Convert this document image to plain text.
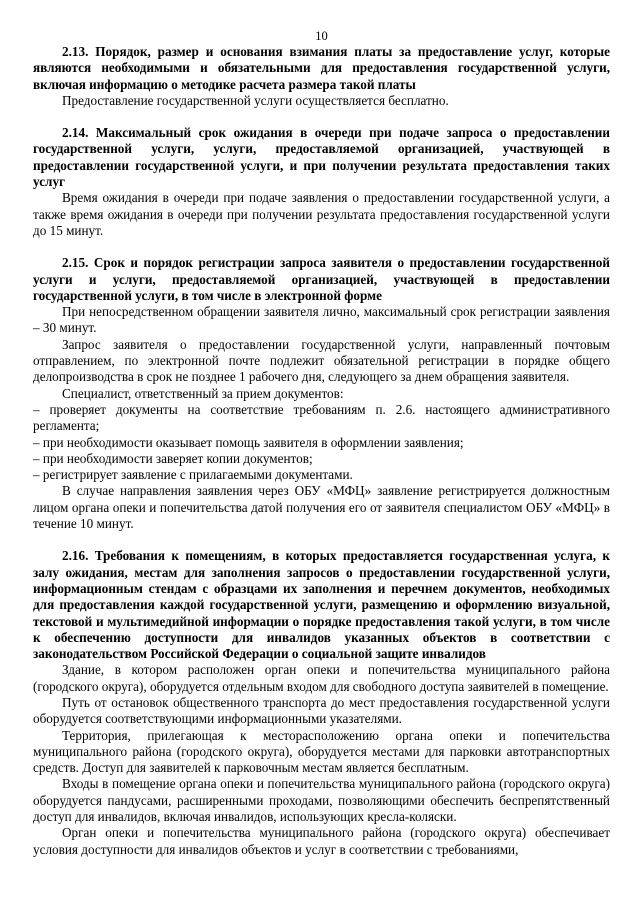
10

2.13. Порядок, размер и основания взимания платы за предоставление услуг, которые являются необходимыми и обязательными для предоставления государственной услуги, включая информацию о методике расчета размера такой платы

Предоставление государственной услуги осуществляется бесплатно.

2.14. Максимальный срок ожидания в очереди при подаче запроса о предоставлении государственной услуги, услуги, предоставляемой организацией, участвующей в предоставлении государственной услуги, и при получении результата предоставления таких услуг

Время ожидания в очереди при подаче заявления о предоставлении государственной услуги, а также время ожидания в очереди при получении результата предоставления государственной услуги до 15 минут.

2.15. Срок и порядок регистрации запроса заявителя о предоставлении государственной услуги и услуги, предоставляемой организацией, участвующей в предоставлении государственной услуги, в том числе в электронной форме

При непосредственном обращении заявителя лично, максимальный срок регистрации заявления – 30 минут.

Запрос заявителя о предоставлении государственной услуги, направленный почтовым отправлением, по электронной почте подлежит обязательной регистрации в порядке общего делопроизводства в срок не позднее 1 рабочего дня, следующего за днем обращения заявителя.

Специалист, ответственный за прием документов:

– проверяет документы на соответствие требованиям п. 2.6. настоящего административного регламента;

– при необходимости оказывает помощь заявителя в оформлении заявления;

– при необходимости заверяет копии документов;

– регистрирует заявление с прилагаемыми документами.

В случае направления заявления через ОБУ «МФЦ» заявление регистрируется должностным лицом органа опеки и попечительства датой получения его от заявителя специалистом ОБУ «МФЦ» в течение 10 минут.

2.16. Требования к помещениям, в которых предоставляется государственная услуга, к залу ожидания, местам для заполнения запросов о предоставлении государственной услуги, информационным стендам с образцами их заполнения и перечнем документов, необходимых для предоставления каждой государственной услуги, размещению и оформлению визуальной, текстовой и мультимедийной информации о порядке предоставления такой услуги, в том числе к обеспечению доступности для инвалидов указанных объектов в соответствии с законодательством Российской Федерации о социальной защите инвалидов

Здание, в котором расположен орган опеки и попечительства муниципального района (городского округа), оборудуется отдельным входом для свободного доступа заявителей в помещение.

Путь от остановок общественного транспорта до мест предоставления государственной услуги оборудуется соответствующими информационными указателями.

Территория, прилегающая к месторасположению органа опеки и попечительства муниципального района (городского округа), оборудуется местами для парковки автотранспортных средств. Доступ для заявителей к парковочным местам является бесплатным.

Входы в помещение органа опеки и попечительства муниципального района (городского округа) оборудуется пандусами, расширенными проходами, позволяющими обеспечить беспрепятственный доступ для инвалидов, включая инвалидов, использующих кресла-коляски.

Орган опеки и попечительства муниципального района (городского округа) обеспечивает условия доступности для инвалидов объектов и услуг в соответствии с требованиями,
